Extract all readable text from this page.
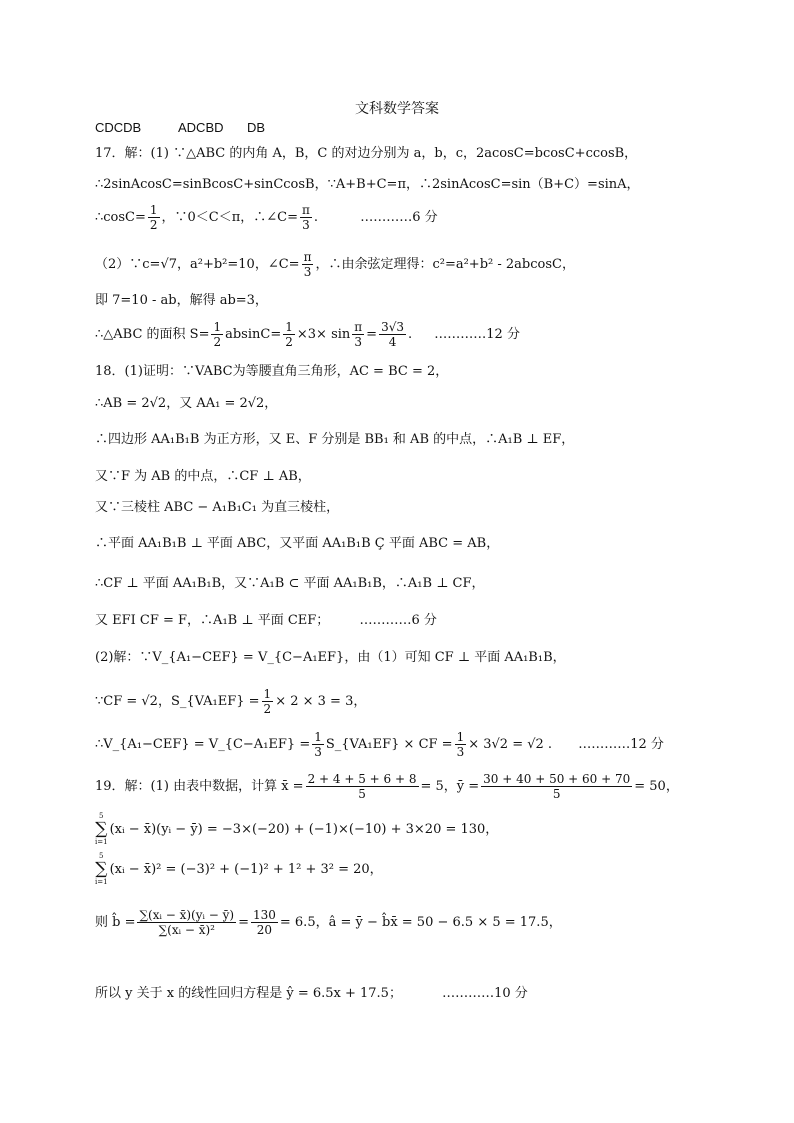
文科数学答案
CDCDB	ADCBD DB
17．解：(1) ∵△ABC 的内角 A，B，C 的对边分别为 a，b，c，2acosC=bcosC+ccosB，
∴2sinAcosC=sinBcosC+sinCcosB，∵A+B+C=π，∴2sinAcosC=sin（B+C）=sinA，
∴cosC= $\frac{1}{2}$ ，∵0＜C＜π，∴∠C= $\frac{\pi}{3}$ .	…………6 分
（2）∵c=√7，a²+b²=10，∠C= $\frac{\pi}{3}$ ，∴由余弦定理得：c²=a²+b² - 2abcosC，
即 7=10 - ab，解得 ab=3，
∴△ABC 的面积 $S= \frac{1}{2} absinC= \frac{1}{2} \times 3\times \sin \frac{\pi}{3} = \frac{3√3}{4}$ . …………12 分
18．(1)证明：∵VABC为等腰直角三角形，AC = BC = 2，
∴AB = 2√2，又 AA₁ = 2√2，
∴四边形 AA₁B₁B 为正方形，又 E、F 分别是 BB₁ 和 AB 的中点，∴A₁B ⊥ EF，
又∵F 为 AB 的中点，∴CF ⊥ AB，
又∵三棱柱 ABC − A₁B₁C₁ 为直三棱柱，
∴平面 AA₁B₁B ⊥ 平面 ABC，又平面 AA₁B₁B Ç 平面 ABC = AB，
∴CF ⊥ 平面 AA₁B₁B，又∵A₁B ⊂ 平面 AA₁B₁B，∴A₁B ⊥ CF，
又 EFI CF = F，∴A₁B ⊥ 平面 CEF； …………6 分
(2)解：∵V_{A₁−CEF} = V_{C−A₁EF}，由（1）可知 CF ⊥ 平面 AA₁B₁B，
∵CF = √2，S_{VA₁EF} = $\frac{1}{2} \times 2 \times 3 = 3$，
∴V_{A₁−CEF} = V_{C−A₁EF} = $\frac{1}{3}$ S_{VA₁EF} × CF = $\frac{1}{3} \times 3√2 = √2$ . …………12 分
19．解：(1) 由表中数据，计算 x̄ = $\frac{2 + 4 + 5 + 6 + 8}{5} = 5$，ȳ = $\frac{30 + 40 + 50 + 60 + 70}{5} = 50$，
5
∑
i=1
(xᵢ − x̄)(yᵢ − ȳ) = −3×(−20) + (−1)×(−10) + 3×20 = 130，
5
∑
i=1
(xᵢ − x̄)² = (−3)² + (−1)² + 1² + 3² = 20，
则 b̂ = $\frac{\text{∑(xᵢ − x̄)(yᵢ − ȳ)}}{\text{∑(xᵢ − x̄)²}} = \frac{130}{20} = 6.5$，â = ȳ − b̂x̄ = 50 − 6.5 × 5 = 17.5，
所以 y 关于 x 的线性回归方程是 ŷ = 6.5x + 17.5；	…………10 分
